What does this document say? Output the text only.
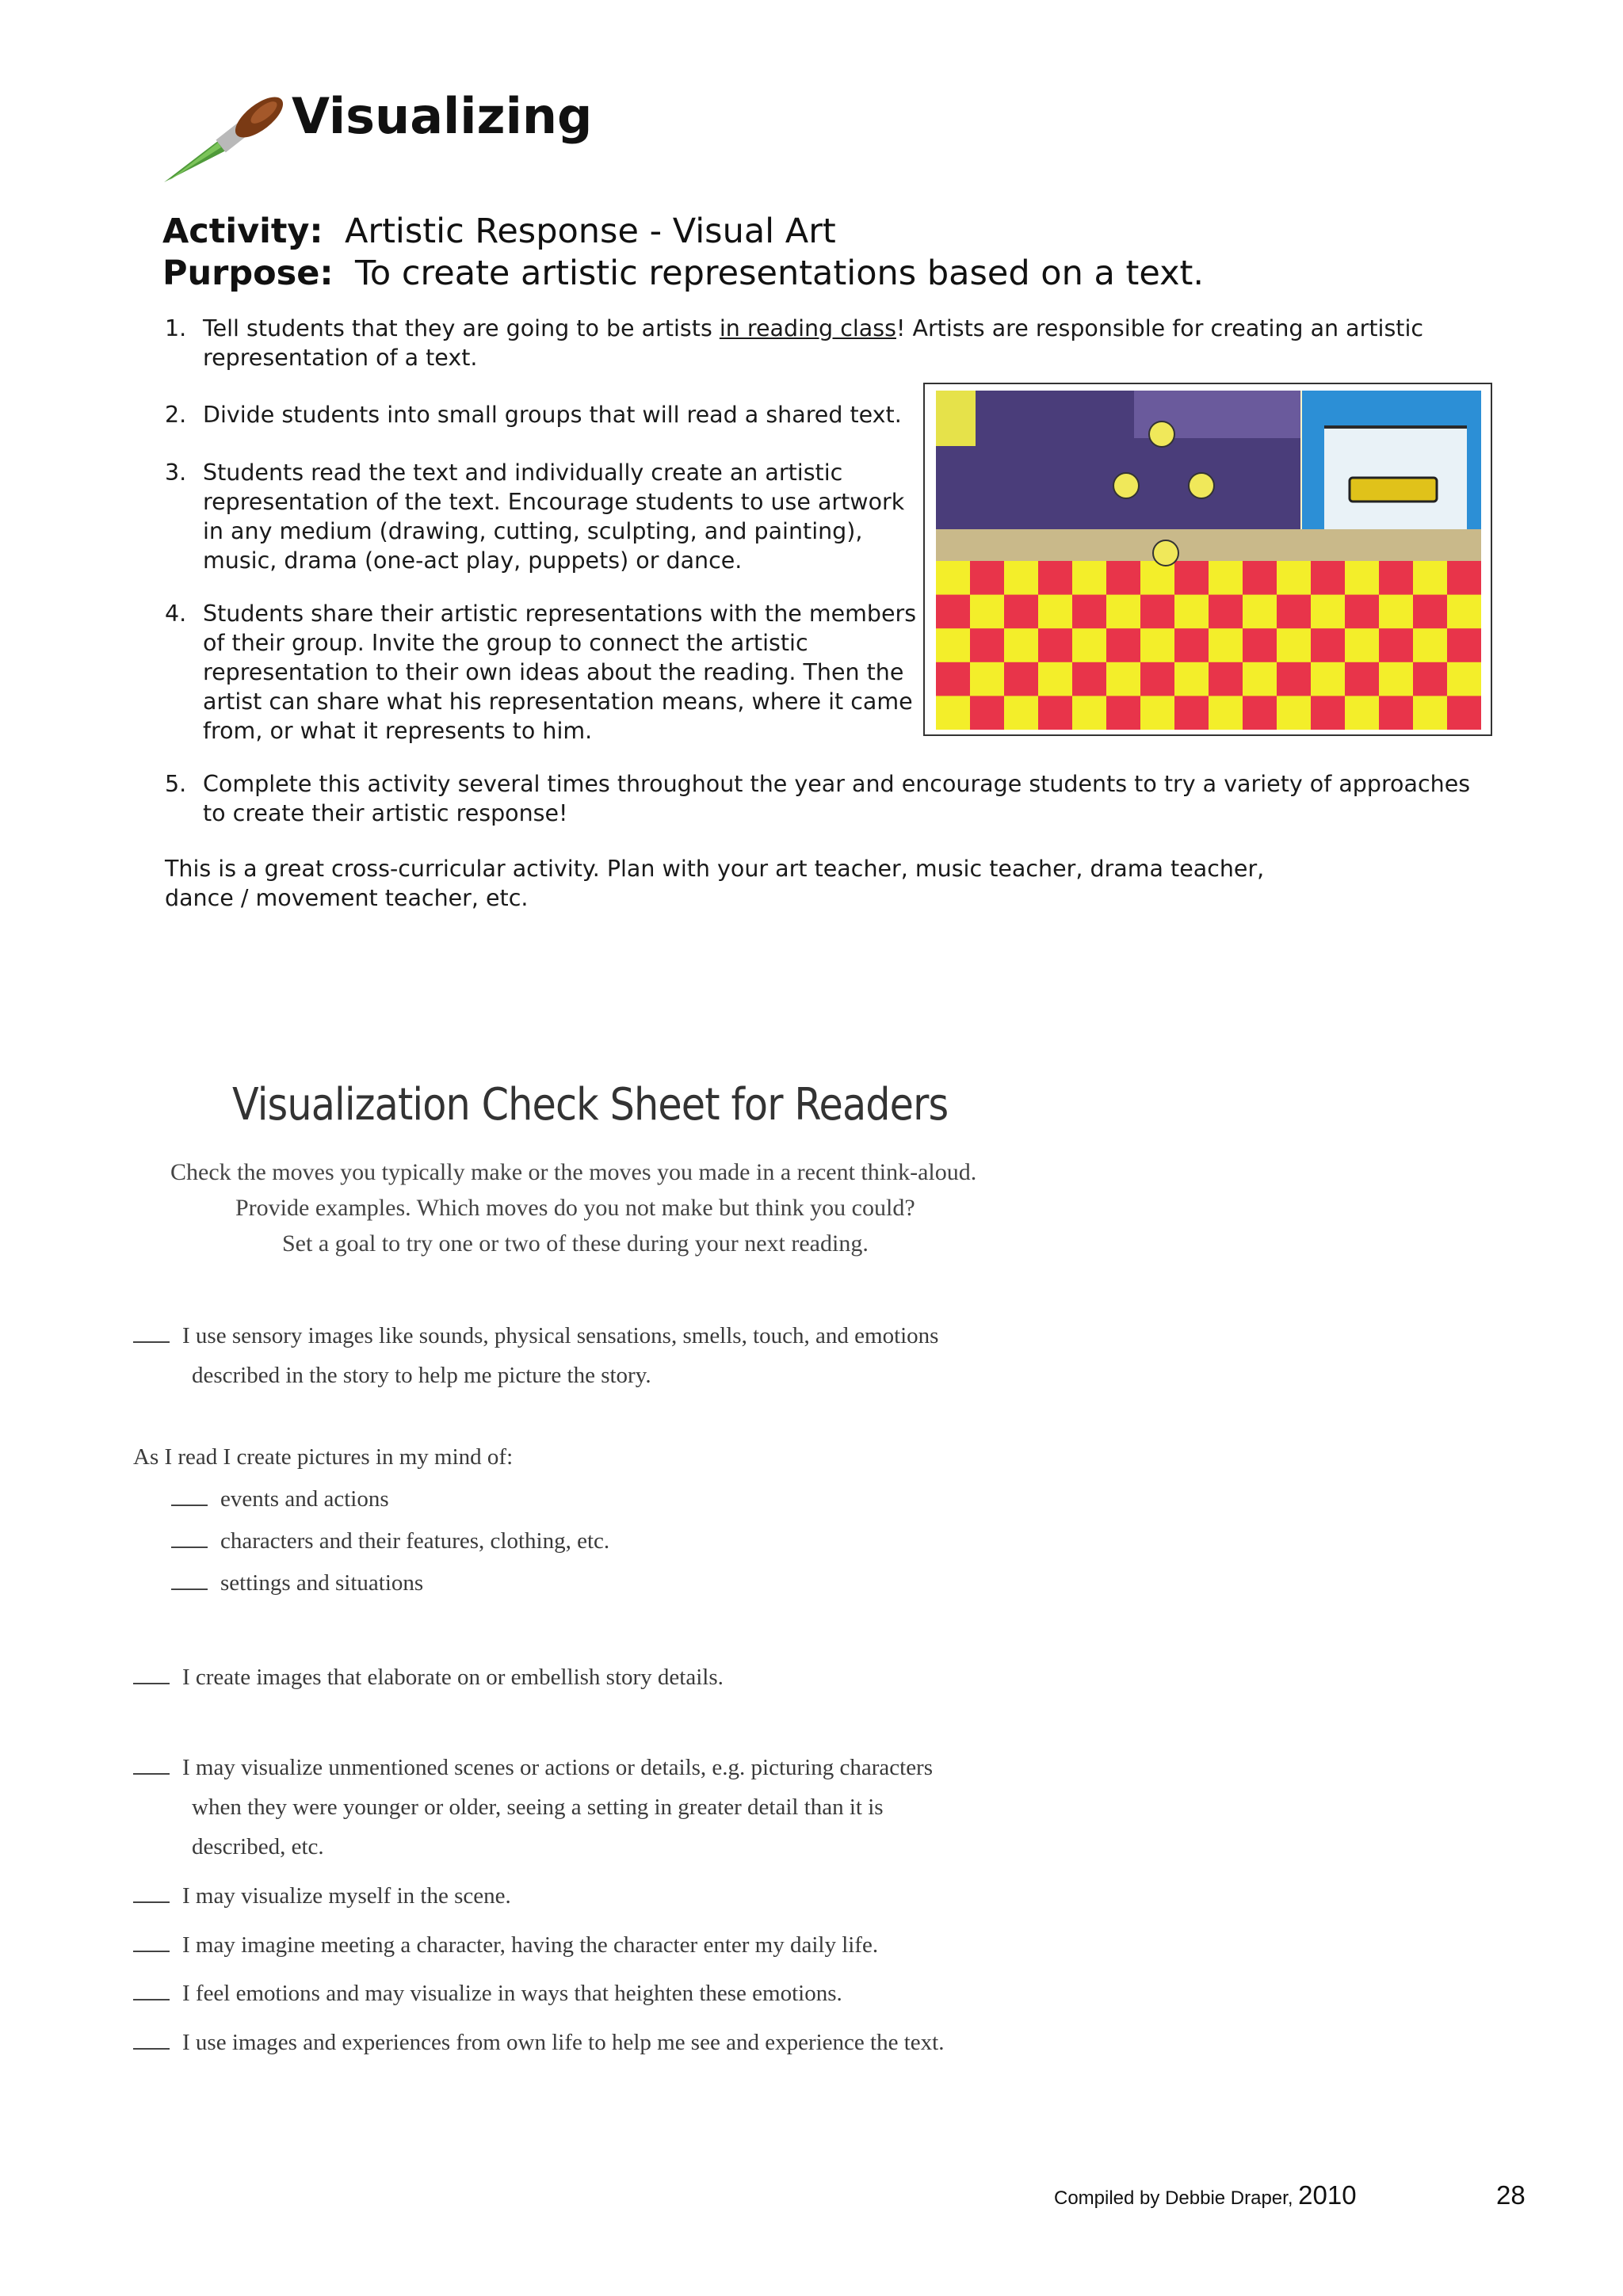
Visualizing
Activity: Artistic Response - Visual Art
Purpose: To create artistic representations based on a text.
1. Tell students that they are going to be artists in reading class! Artists are responsible for creating an artistic
representation of a text.
2. Divide students into small groups that will read a shared text.
3. Students read the text and individually create an artistic
representation of the text. Encourage students to use artwork
in any medium (drawing, cutting, sculpting, and painting),
music, drama (one-act play, puppets) or dance.
4. Students share their artistic representations with the members
of their group. Invite the group to connect the artistic
representation to their own ideas about the reading. Then the
artist can share what his representation means, where it came
from, or what it represents to him.
5. Complete this activity several times throughout the year and encourage students to try a variety of approaches
to create their artistic response!
This is a great cross-curricular activity. Plan with your art teacher, music teacher, drama teacher,
dance / movement teacher, etc.
Visualization Check Sheet for Readers
Check the moves you typically make or the moves you made in a recent think-aloud.
Provide examples. Which moves do you not make but think you could?
Set a goal to try one or two of these during your next reading.
I use sensory images like sounds, physical sensations, smells, touch, and emotions
described in the story to help me picture the story.
As I read I create pictures in my mind of:
events and actions
characters and their features, clothing, etc.
settings and situations
I create images that elaborate on or embellish story details.
I may visualize unmentioned scenes or actions or details, e.g. picturing characters
when they were younger or older, seeing a setting in greater detail than it is
described, etc.
I may visualize myself in the scene.
I may imagine meeting a character, having the character enter my daily life.
I feel emotions and may visualize in ways that heighten these emotions.
I use images and experiences from own life to help me see and experience the text.
Compiled by Debbie Draper, 2010	28
